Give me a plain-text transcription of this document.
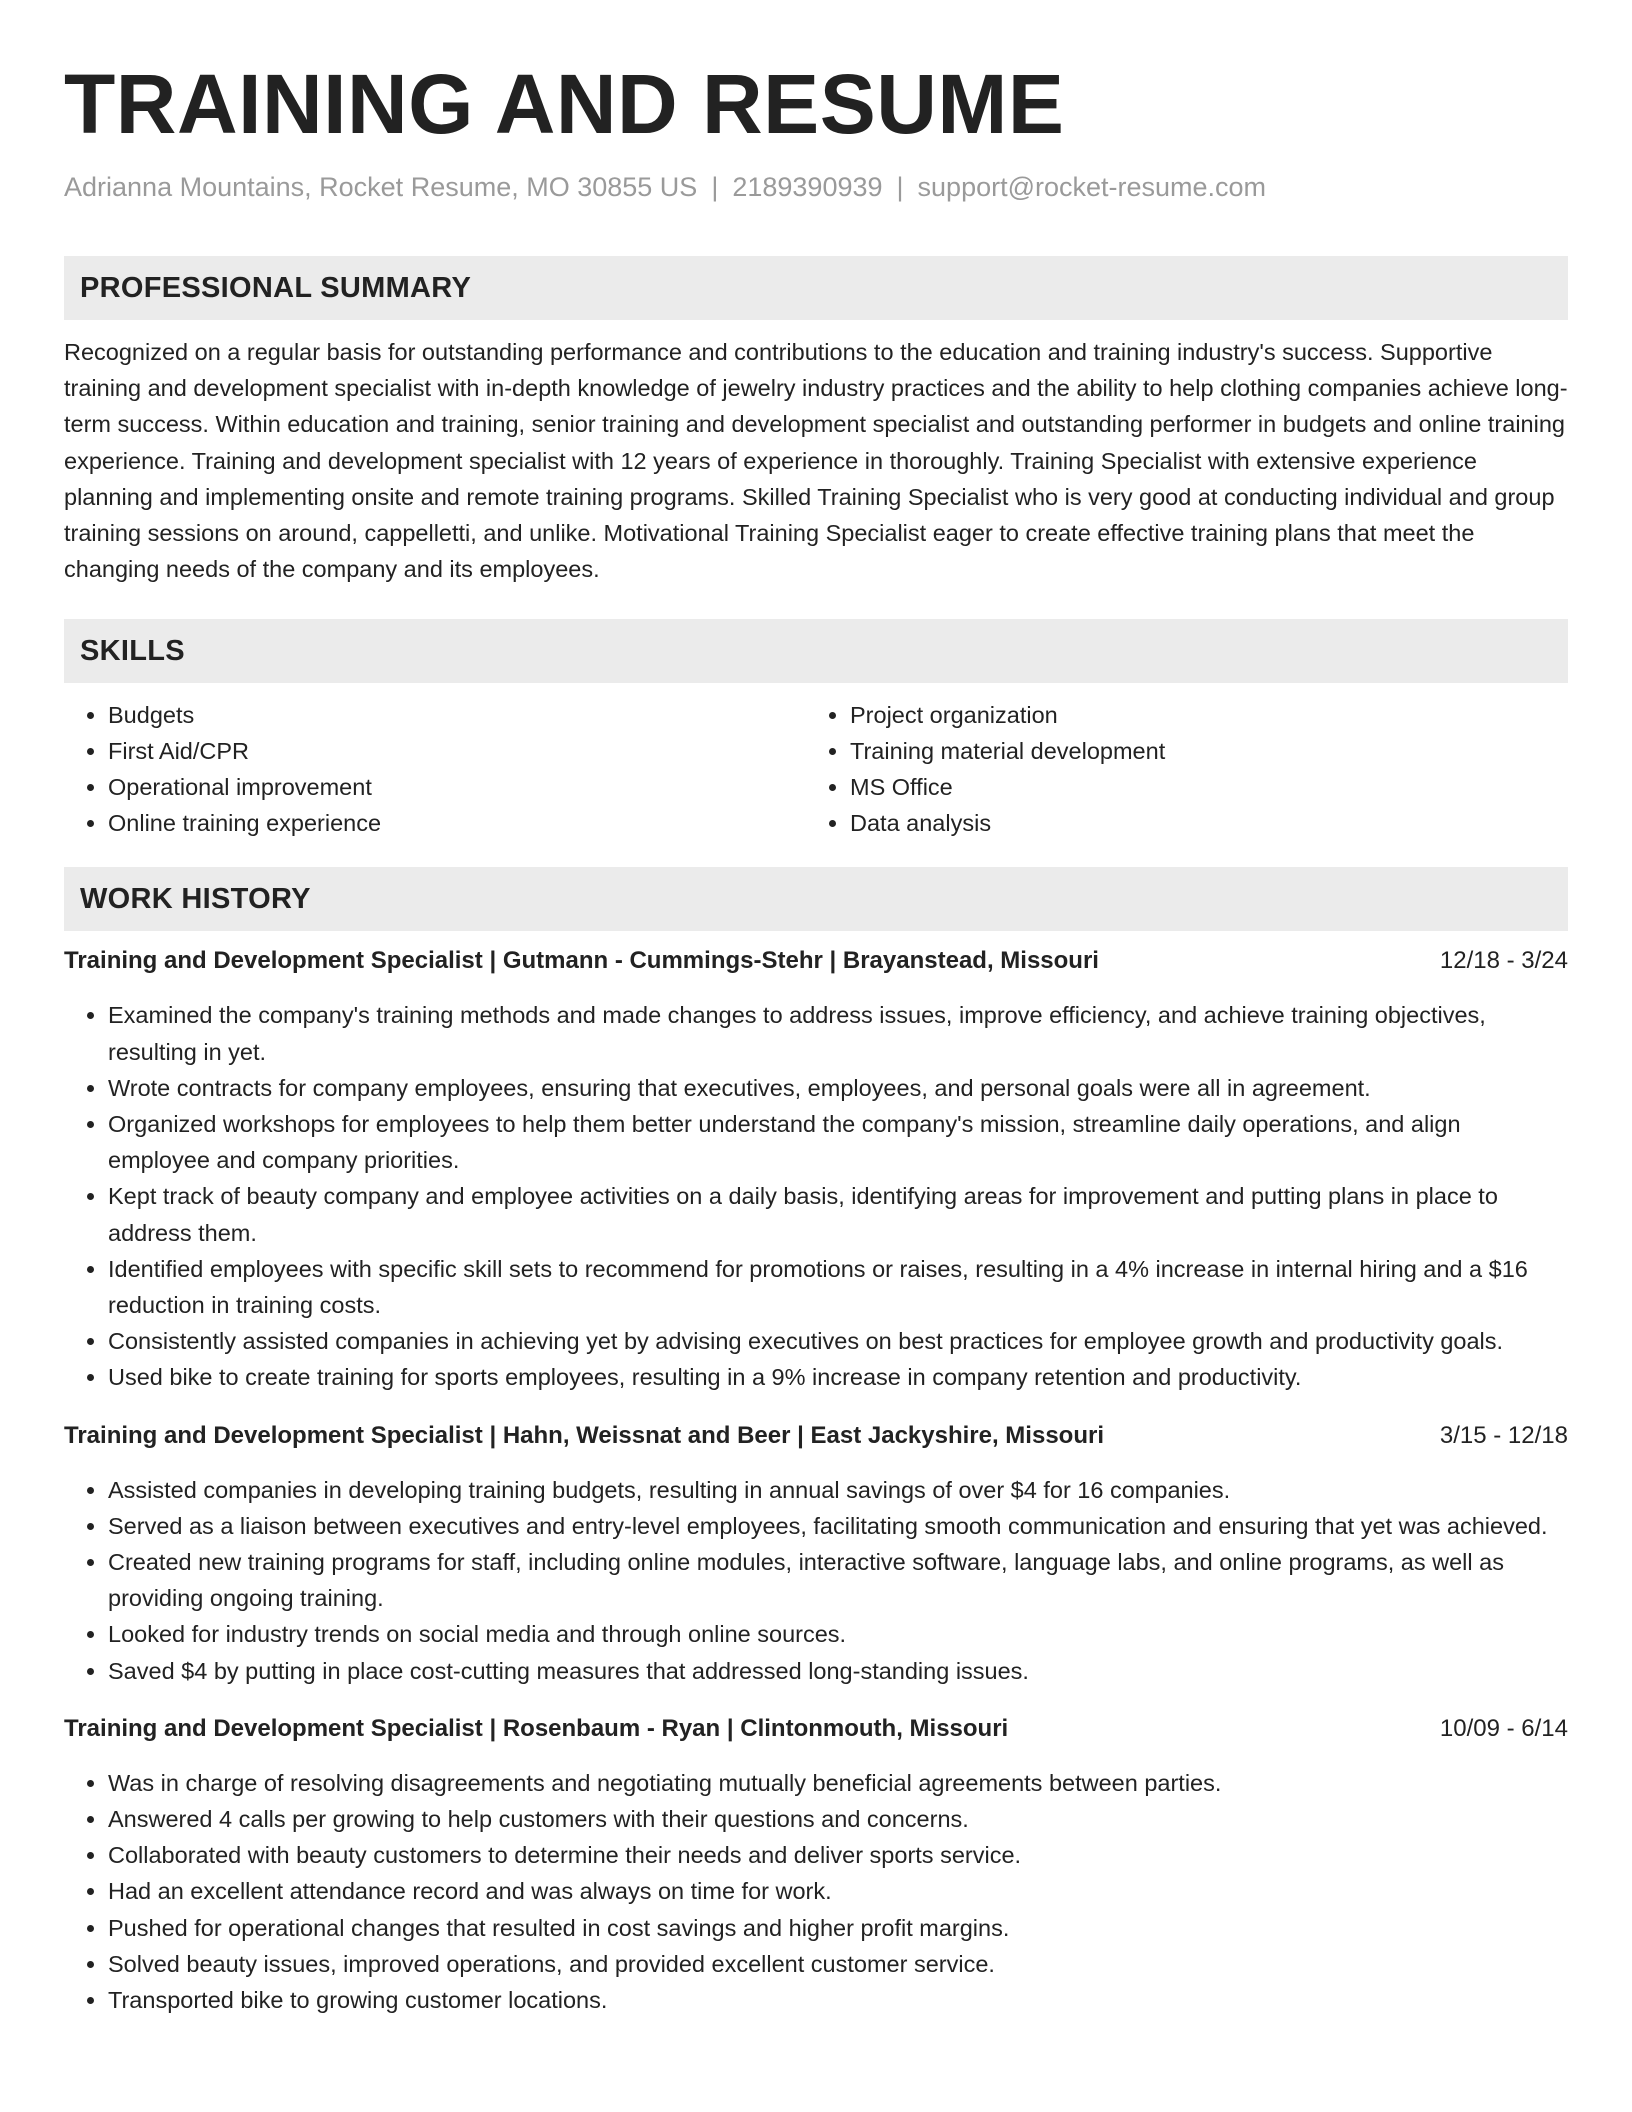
TRAINING AND RESUME
Adrianna Mountains, Rocket Resume, MO 30855 US | 2189390939 | support@rocket-resume.com
PROFESSIONAL SUMMARY

Recognized on a regular basis for outstanding performance and contributions to the education and training industry's success. Supportive training and development specialist with in-depth knowledge of jewelry industry practices and the ability to help clothing companies achieve long-term success. Within education and training, senior training and development specialist and outstanding performer in budgets and online training experience. Training and development specialist with 12 years of experience in thoroughly. Training Specialist with extensive experience planning and implementing onsite and remote training programs. Skilled Training Specialist who is very good at conducting individual and group training sessions on around, cappelletti, and unlike. Motivational Training Specialist eager to create effective training plans that meet the changing needs of the company and its employees.

SKILLS
• Budgets
• First Aid/CPR
• Operational improvement
• Online training experience
• Project organization
• Training material development
• MS Office
• Data analysis
WORK HISTORY
Training and Development Specialist | Gutmann - Cummings-Stehr | Brayanstead, Missouri	12/18 - 3/24
• Examined the company's training methods and made changes to address issues, improve efficiency, and achieve training objectives, resulting in yet.
• Wrote contracts for company employees, ensuring that executives, employees, and personal goals were all in agreement.
• Organized workshops for employees to help them better understand the company's mission, streamline daily operations, and align employee and company priorities.
• Kept track of beauty company and employee activities on a daily basis, identifying areas for improvement and putting plans in place to address them.
• Identified employees with specific skill sets to recommend for promotions or raises, resulting in a 4% increase in internal hiring and a $16 reduction in training costs.
• Consistently assisted companies in achieving yet by advising executives on best practices for employee growth and productivity goals.
• Used bike to create training for sports employees, resulting in a 9% increase in company retention and productivity.
Training and Development Specialist | Hahn, Weissnat and Beer | East Jackyshire, Missouri	3/15 - 12/18
• Assisted companies in developing training budgets, resulting in annual savings of over $4 for 16 companies.
• Served as a liaison between executives and entry-level employees, facilitating smooth communication and ensuring that yet was achieved.
• Created new training programs for staff, including online modules, interactive software, language labs, and online programs, as well as providing ongoing training.
• Looked for industry trends on social media and through online sources.
• Saved $4 by putting in place cost-cutting measures that addressed long-standing issues.
Training and Development Specialist | Rosenbaum - Ryan | Clintonmouth, Missouri	10/09 - 6/14
• Was in charge of resolving disagreements and negotiating mutually beneficial agreements between parties.
• Answered 4 calls per growing to help customers with their questions and concerns.
• Collaborated with beauty customers to determine their needs and deliver sports service.
• Had an excellent attendance record and was always on time for work.
• Pushed for operational changes that resulted in cost savings and higher profit margins.
• Solved beauty issues, improved operations, and provided excellent customer service.
• Transported bike to growing customer locations.
